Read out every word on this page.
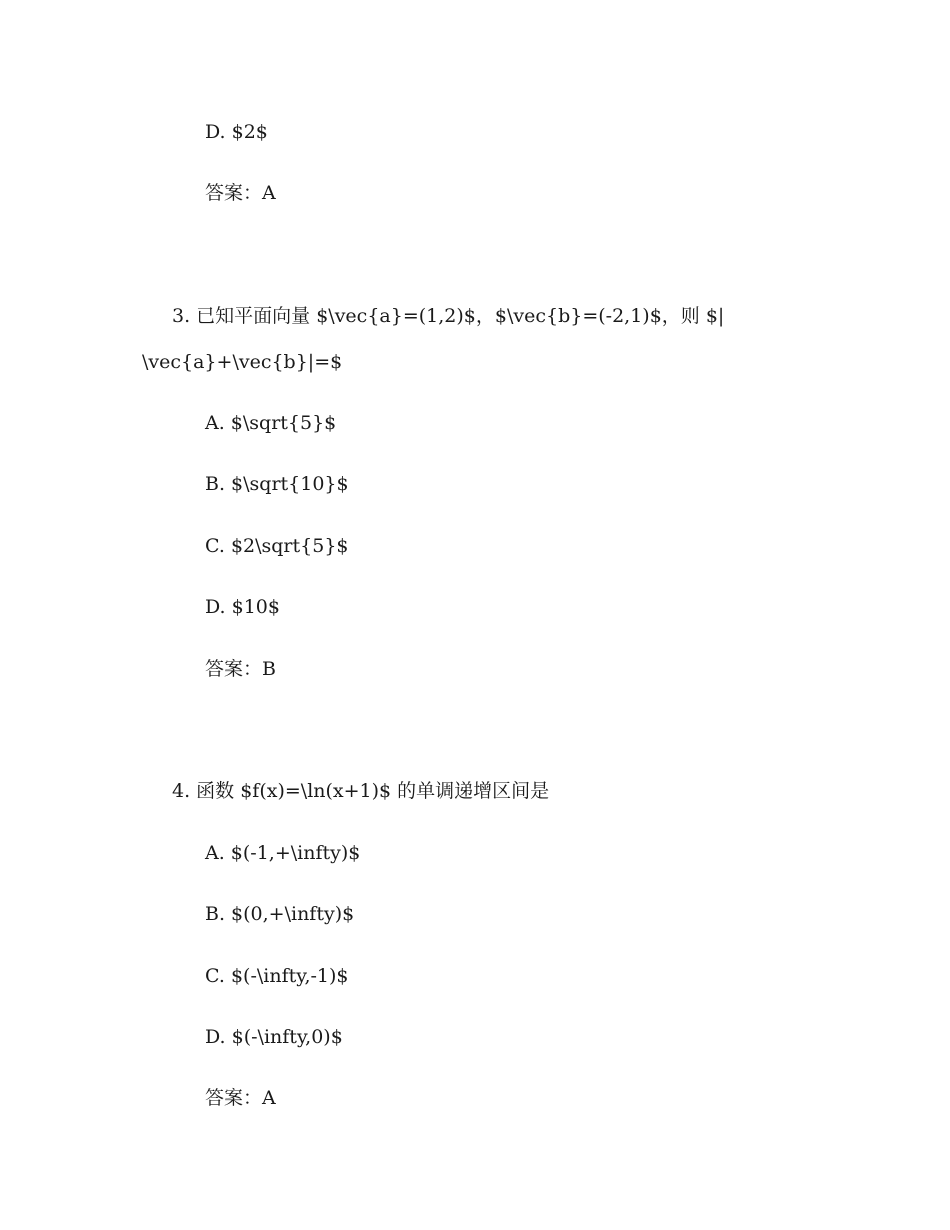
D. $2$
答案：A
3. 已知平面向量 $\vec{a}=(1,2)$，$\vec{b}=(-2,1)$，则 $|
\vec{a}+\vec{b}|=$
A. $\sqrt{5}$
B. $\sqrt{10}$
C. $2\sqrt{5}$
D. $10$
答案：B
4. 函数 $f(x)=\ln(x+1)$ 的单调递增区间是
A. $(-1,+\infty)$
B. $(0,+\infty)$
C. $(-\infty,-1)$
D. $(-\infty,0)$
答案：A
